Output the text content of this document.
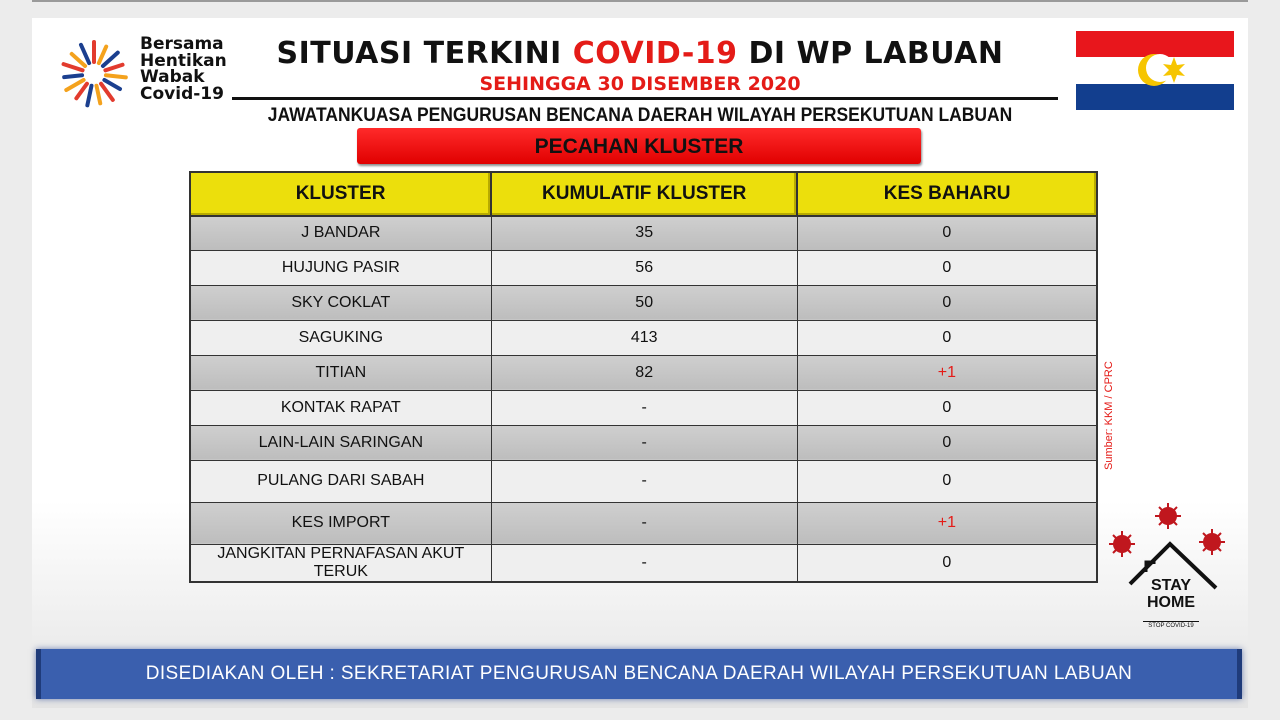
Bersama
Hentikan
Wabak
Covid-19
SITUASI TERKINI COVID-19 DI WP LABUAN
SEHINGGA 30 DISEMBER 2020
JAWATANKUASA PENGURUSAN BENCANA DAERAH WILAYAH PERSEKUTUAN LABUAN
PECAHAN KLUSTER
KLUSTER	KUMULATIF KLUSTER	KES BAHARU
J BANDAR	35	0
HUJUNG PASIR	56	0
SKY COKLAT	50	0
SAGUKING	413	0
TITIAN	82	+1
KONTAK RAPAT	-	0
LAIN-LAIN SARINGAN	-	0
PULANG DARI SABAH	-	0
KES IMPORT	-	+1
JANGKITAN PERNAFASAN AKUT TERUK	-	0
Sumber: KKM / CPRC
STAY
HOME
STOP COVID-19
DISEDIAKAN OLEH : SEKRETARIAT PENGURUSAN BENCANA DAERAH WILAYAH PERSEKUTUAN LABUAN
